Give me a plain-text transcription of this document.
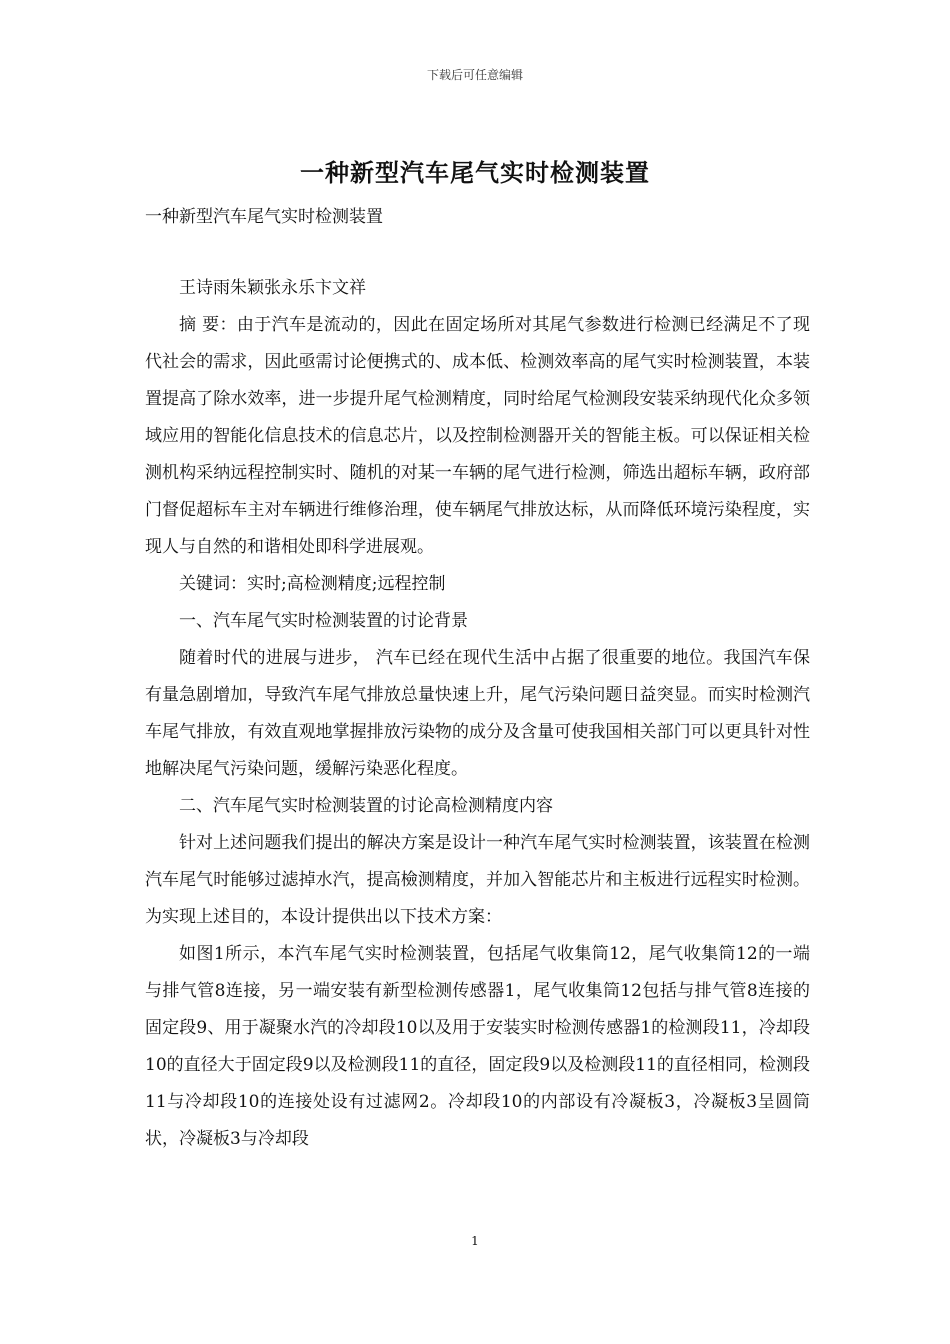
下载后可任意编辑
一种新型汽车尾气实时检测装置
一种新型汽车尾气实时检测装置

王诗雨朱颖张永乐卞文祥

摘 要：由于汽车是流动的，因此在固定场所对其尾气参数进行检测已经满足不了现代社会的需求，因此亟需讨论便携式的、成本低、检测效率高的尾气实时检测装置，本装置提高了除水效率，进一步提升尾气检测精度，同时给尾气检测段安装采纳现代化众多领域应用的智能化信息技术的信息芯片，以及控制检测器开关的智能主板。可以保证相关检测机构采纳远程控制实时、随机的对某一车辆的尾气进行检测，筛选出超标车辆，政府部门督促超标车主对车辆进行维修治理，使车辆尾气排放达标，从而降低环境污染程度，实现人与自然的和谐相处即科学进展观。

关键词：实时;高检测精度;远程控制

一、汽车尾气实时检测装置的讨论背景

随着时代的进展与进步， 汽车已经在现代生活中占据了很重要的地位。我国汽车保有量急剧增加，导致汽车尾气排放总量快速上升，尾气污染问题日益突显。而实时检测汽车尾气排放，有效直观地掌握排放污染物的成分及含量可使我国相关部门可以更具针对性地解决尾气污染问题，缓解污染恶化程度。

二、汽车尾气实时检测装置的讨论高检测精度内容

针对上述问题我们提出的解决方案是设计一种汽车尾气实时检测装置，该装置在检测汽车尾气时能够过滤掉水汽，提高檢测精度，并加入智能芯片和主板进行远程实时检测。为实现上述目的，本设计提供出以下技术方案：

如图1所示，本汽车尾气实时检测装置，包括尾气收集筒12，尾气收集筒12的一端与排气管8连接，另一端安装有新型检测传感器1，尾气收集筒12包括与排气管8连接的固定段9、用于凝聚水汽的冷却段10以及用于安装实时检测传感器1的检测段11，冷却段10的直径大于固定段9以及检测段11的直径，固定段9以及检测段11的直径相同，检测段11与冷却段10的连接处设有过滤网2。冷却段10的内部设有冷凝板3，冷凝板3呈圆筒状，冷凝板3与冷却段

1
